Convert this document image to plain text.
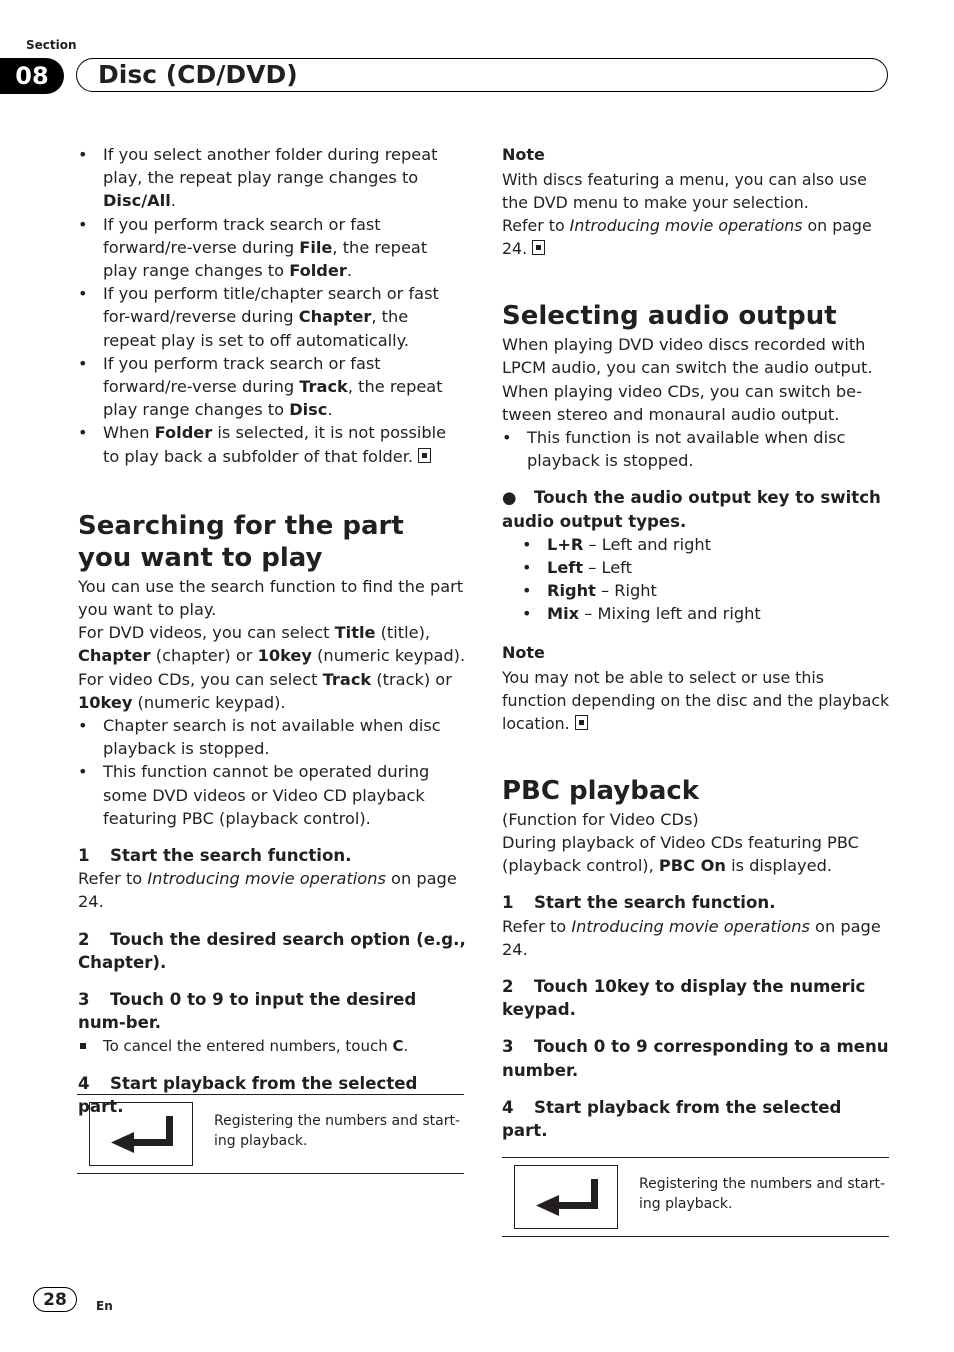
Section
08	Disc (CD/DVD)
• If you select another folder during repeat play, the repeat play range changes to Disc/All.
• If you perform track search or fast forward/re-verse during File, the repeat play range changes to Folder.
• If you perform title/chapter search or fast for-ward/reverse during Chapter, the repeat play is set to off automatically.
• If you perform track search or fast forward/re-verse during Track, the repeat play range changes to Disc.
• When Folder is selected, it is not possible to play back a subfolder of that folder.
Searching for the part you want to play
You can use the search function to find the part you want to play.
For DVD videos, you can select Title (title), Chapter (chapter) or 10key (numeric keypad).
For video CDs, you can select Track (track) or 10key (numeric keypad).
• Chapter search is not available when disc playback is stopped.
• This function cannot be operated during some DVD videos or Video CD playback featuring PBC (playback control).
1 Start the search function.
Refer to Introducing movie operations on page 24.
2 Touch the desired search option (e.g., Chapter).
3 Touch 0 to 9 to input the desired num-ber.
To cancel the entered numbers, touch C.
4 Start playback from the selected part.
Registering the numbers and start-ing playback.
Note
With discs featuring a menu, you can also use the DVD menu to make your selection.
Refer to Introducing movie operations on page 24.
Selecting audio output
When playing DVD video discs recorded with LPCM audio, you can switch the audio output.
When playing video CDs, you can switch be-tween stereo and monaural audio output.
• This function is not available when disc playback is stopped.
● Touch the audio output key to switch audio output types.
• L+R – Left and right
• Left – Left
• Right – Right
• Mix – Mixing left and right
Note
You may not be able to select or use this function depending on the disc and the playback location.
PBC playback
(Function for Video CDs)
During playback of Video CDs featuring PBC (playback control), PBC On is displayed.
1 Start the search function.
Refer to Introducing movie operations on page 24.
2 Touch 10key to display the numeric keypad.
3 Touch 0 to 9 corresponding to a menu number.
4 Start playback from the selected part.
Registering the numbers and start-ing playback.
28	En
